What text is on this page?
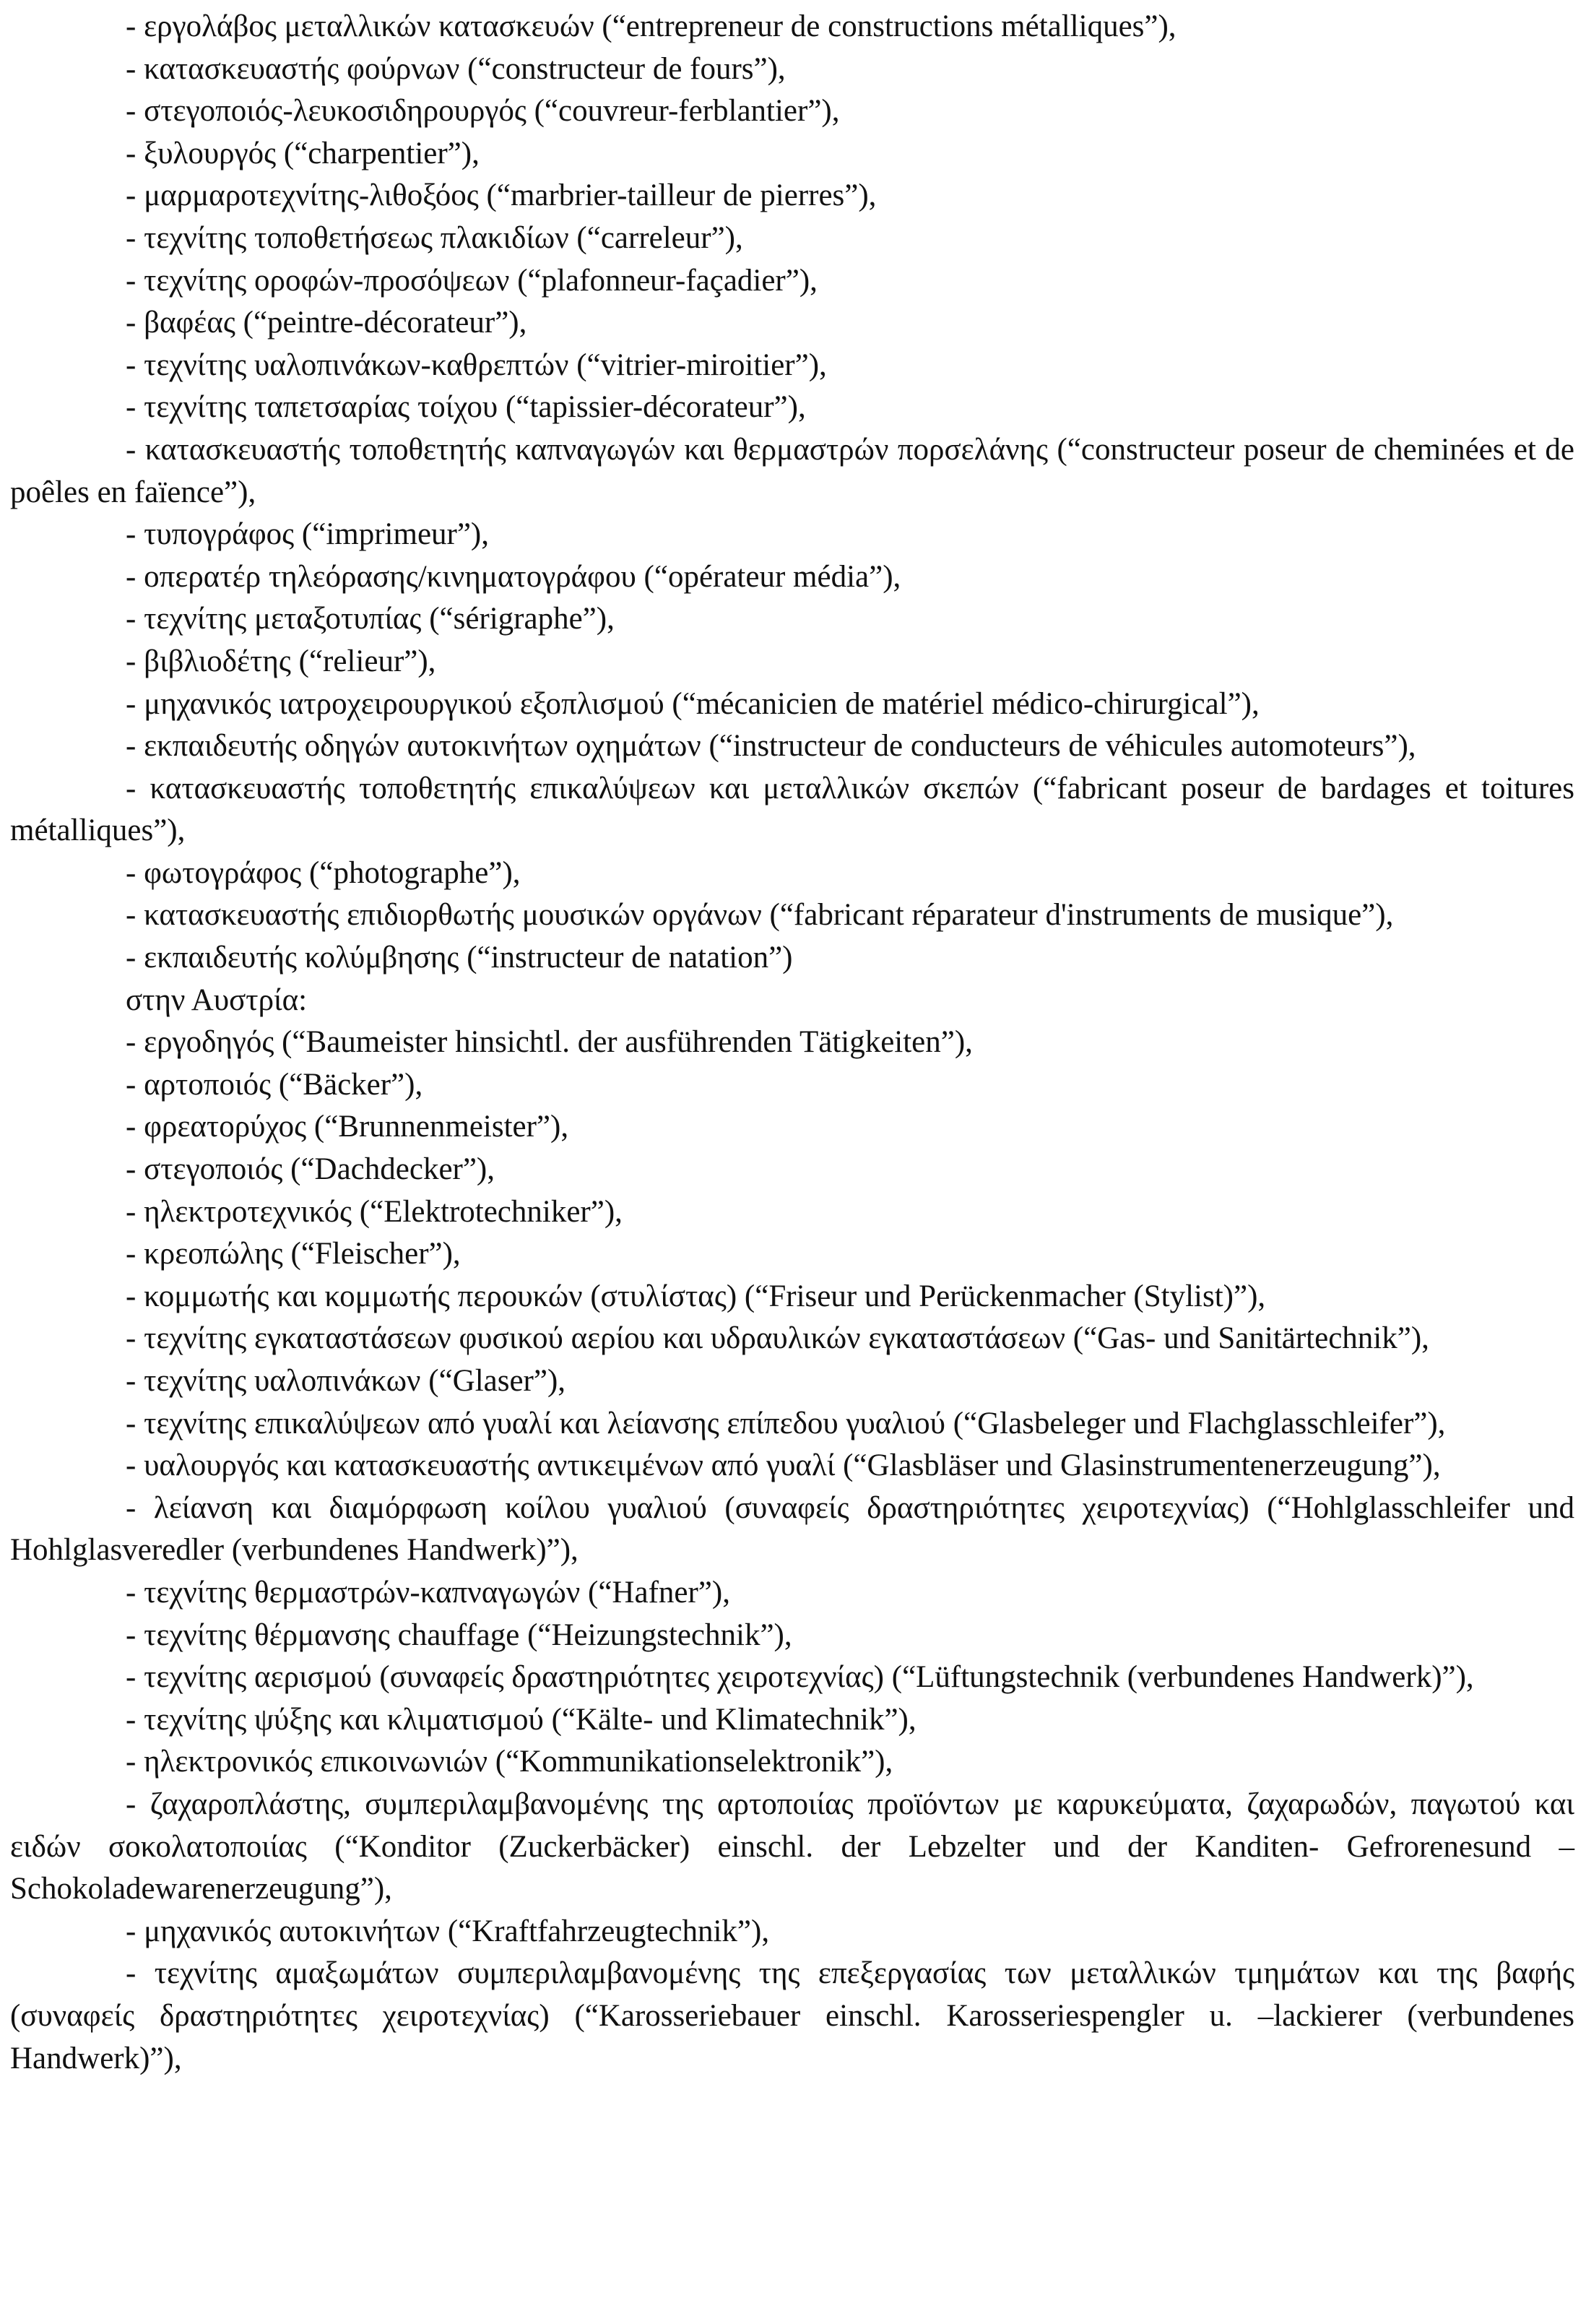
- εργολάβος μεταλλικών κατασκευών (“entrepreneur de constructions métalliques”),

- κατασκευαστής φούρνων (“constructeur de fours”),

- στεγοποιός-λευκοσιδηρουργός (“couvreur-ferblantier”),

- ξυλουργός (“charpentier”),

- μαρμαροτεχνίτης-λιθοξόος (“marbrier-tailleur de pierres”),

- τεχνίτης τοποθετήσεως πλακιδίων (“carreleur”),

- τεχνίτης οροφών-προσόψεων (“plafonneur-façadier”),

- βαφέας (“peintre-décorateur”),

- τεχνίτης υαλοπινάκων-καθρεπτών (“vitrier-miroitier”),

- τεχνίτης ταπετσαρίας τοίχου (“tapissier-décorateur”),

- κατασκευαστής τοποθετητής καπναγωγών και θερμαστρών πορσελάνης (“constructeur poseur de cheminées et de poêles en faïence”),

- τυπογράφος (“imprimeur”),

- οπερατέρ τηλεόρασης/κινηματογράφου (“opérateur média”),

- τεχνίτης μεταξοτυπίας (“sérigraphe”),

- βιβλιοδέτης (“relieur”),

- μηχανικός ιατροχειρουργικού εξοπλισμού (“mécanicien de matériel médico-chirurgical”),

- εκπαιδευτής οδηγών αυτοκινήτων οχημάτων (“instructeur de conducteurs de véhicules automoteurs”),

- κατασκευαστής τοποθετητής επικαλύψεων και μεταλλικών σκεπών (“fabricant poseur de bardages et toitures métalliques”),

- φωτογράφος (“photographe”),

- κατασκευαστής επιδιορθωτής μουσικών οργάνων (“fabricant réparateur d'instruments de musique”),

- εκπαιδευτής κολύμβησης (“instructeur de natation”)

στην Αυστρία:

- εργοδηγός (“Baumeister hinsichtl. der ausführenden Tätigkeiten”),

- αρτοποιός (“Bäcker”),

- φρεατορύχος (“Brunnenmeister”),

- στεγοποιός (“Dachdecker”),

- ηλεκτροτεχνικός (“Elektrotechniker”),

- κρεοπώλης (“Fleischer”),

- κομμωτής και κομμωτής περουκών (στυλίστας) (“Friseur und Perückenmacher (Stylist)”),

- τεχνίτης εγκαταστάσεων φυσικού αερίου και υδραυλικών εγκαταστάσεων (“Gas- und Sanitärtechnik”),

- τεχνίτης υαλοπινάκων (“Glaser”),

- τεχνίτης επικαλύψεων από γυαλί και λείανσης επίπεδου γυαλιού (“Glasbeleger und Flachglasschleifer”),

- υαλουργός και κατασκευαστής αντικειμένων από γυαλί (“Glasbläser und Glasinstrumentenerzeugung”),

- λείανση και διαμόρφωση κοίλου γυαλιού (συναφείς δραστηριότητες χειροτεχνίας) (“Hohlglasschleifer und Hohlglasveredler (verbundenes Handwerk)”),

- τεχνίτης θερμαστρών-καπναγωγών (“Hafner”),

- τεχνίτης θέρμανσης chauffage (“Heizungstechnik”),

- τεχνίτης αερισμού (συναφείς δραστηριότητες χειροτεχνίας) (“Lüftungstechnik (verbundenes Handwerk)”),

- τεχνίτης ψύξης και κλιματισμού (“Kälte- und Klimatechnik”),

- ηλεκτρονικός επικοινωνιών (“Kommunikationselektronik”),

- ζαχαροπλάστης, συμπεριλαμβανομένης της αρτοποιίας προϊόντων με καρυκεύματα, ζαχαρωδών, παγωτού και ειδών σοκολατοποιίας (“Konditor (Zuckerbäcker) einschl. der Lebzelter und der Kanditen- Gefrorenesund –Schokoladewarenerzeugung”),

- μηχανικός αυτοκινήτων (“Kraftfahrzeugtechnik”),

- τεχνίτης αμαξωμάτων συμπεριλαμβανομένης της επεξεργασίας των μεταλλικών τμημάτων και της βαφής (συναφείς δραστηριότητες χειροτεχνίας) (“Karosseriebauer einschl. Karosseriespengler u. –lackierer (verbundenes Handwerk)”),
